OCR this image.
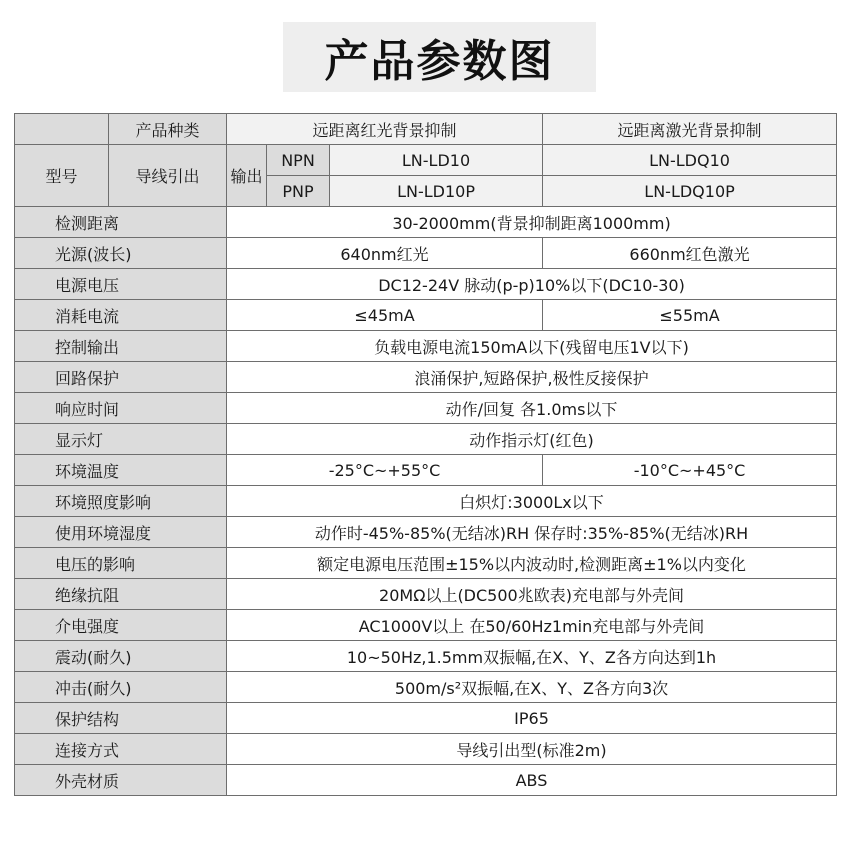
产品参数图
	产品种类	远距离红光背景抑制			远距离激光背景抑制
型号	导线引出	输出	NPN	LN-LD10	LN-LDQ10
			PNP	LN-LD10P	LN-LDQ10P
检测距离		30-2000mm(背景抑制距离1000mm)			
光源(波长)		640nm红光			660nm红色激光
电源电压		DC12-24V 脉动(p-p)10%以下(DC10-30)			
消耗电流		≤45mA			≤55mA
控制输出		负载电源电流150mA以下(残留电压1V以下)			
回路保护		浪涌保护,短路保护,极性反接保护			
响应时间		动作/回复 各1.0ms以下			
显示灯		动作指示灯(红色)			
环境温度		-25°C~+55°C			-10°C~+45°C
环境照度影响		白炽灯:3000Lx以下			
使用环境湿度		动作时-45%-85%(无结冰)RH 保存时:35%-85%(无结冰)RH			
电压的影响		额定电源电压范围±15%以内波动时,检测距离±1%以内变化			
绝缘抗阻		20MΩ以上(DC500兆欧表)充电部与外壳间			
介电强度		AC1000V以上 在50/60Hz1min充电部与外壳间			
震动(耐久)		10~50Hz,1.5mm双振幅,在X、Y、Z各方向达到1h			
冲击(耐久)		500m/s²双振幅,在X、Y、Z各方向3次			
保护结构		IP65			
连接方式		导线引出型(标准2m)			
外壳材质		ABS			
